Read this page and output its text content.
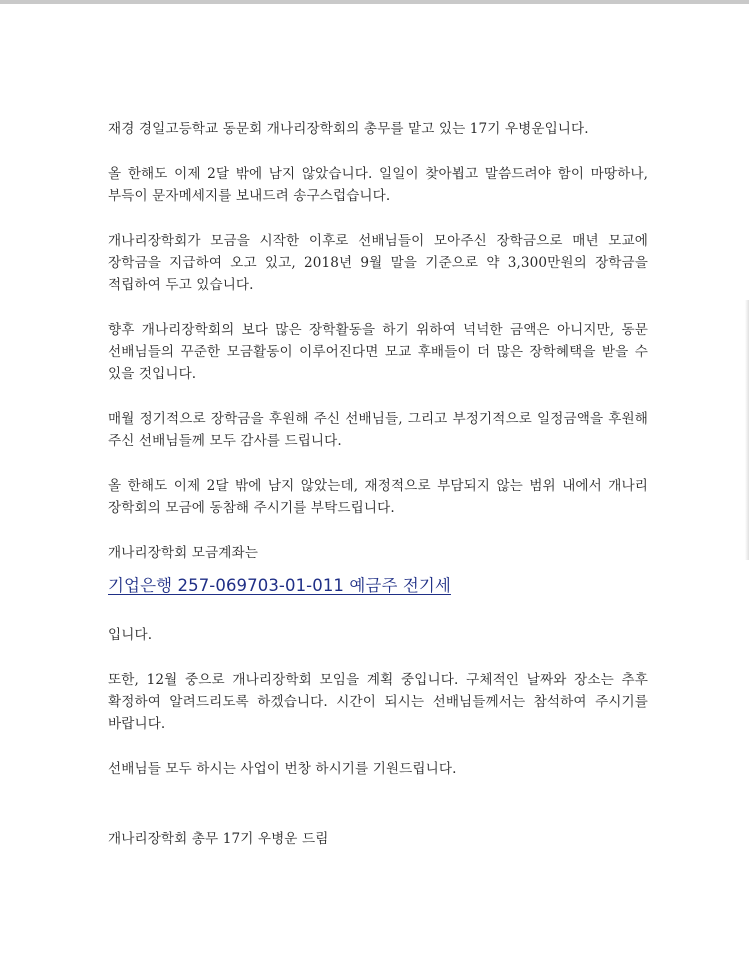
재경 경일고등학교 동문회 개나리장학회의 총무를 맡고 있는 17기 우병운입니다.

올 한해도 이제 2달 밖에 남지 않았습니다. 일일이 찾아뵙고 말씀드려야 함이 마땅하나, 부득이 문자메세지를 보내드려 송구스럽습니다.

개나리장학회가 모금을 시작한 이후로 선배님들이 모아주신 장학금으로 매년 모교에 장학금을 지급하여 오고 있고, 2018년 9월 말을 기준으로 약 3,300만원의 장학금을 적립하여 두고 있습니다.

향후 개나리장학회의 보다 많은 장학활동을 하기 위하여 넉넉한 금액은 아니지만, 동문 선배님들의 꾸준한 모금활동이 이루어진다면 모교 후배들이 더 많은 장학혜택을 받을 수 있을 것입니다.

매월 정기적으로 장학금을 후원해 주신 선배님들, 그리고 부정기적으로 일정금액을 후원해 주신 선배님들께 모두 감사를 드립니다.

올 한해도 이제 2달 밖에 남지 않았는데, 재정적으로 부담되지 않는 범위 내에서 개나리 장학회의 모금에 동참해 주시기를 부탁드립니다.

개나리장학회 모금계좌는

기업은행 257-069703-01-011 예금주 전기세

입니다.

또한, 12월 중으로 개나리장학회 모임을 계획 중입니다. 구체적인 날짜와 장소는 추후 확정하여 알려드리도록 하겠습니다. 시간이 되시는 선배님들께서는 참석하여 주시기를 바랍니다.

선배님들 모두 하시는 사업이 번창 하시기를 기원드립니다.

개나리장학회 총무 17기 우병운 드림
